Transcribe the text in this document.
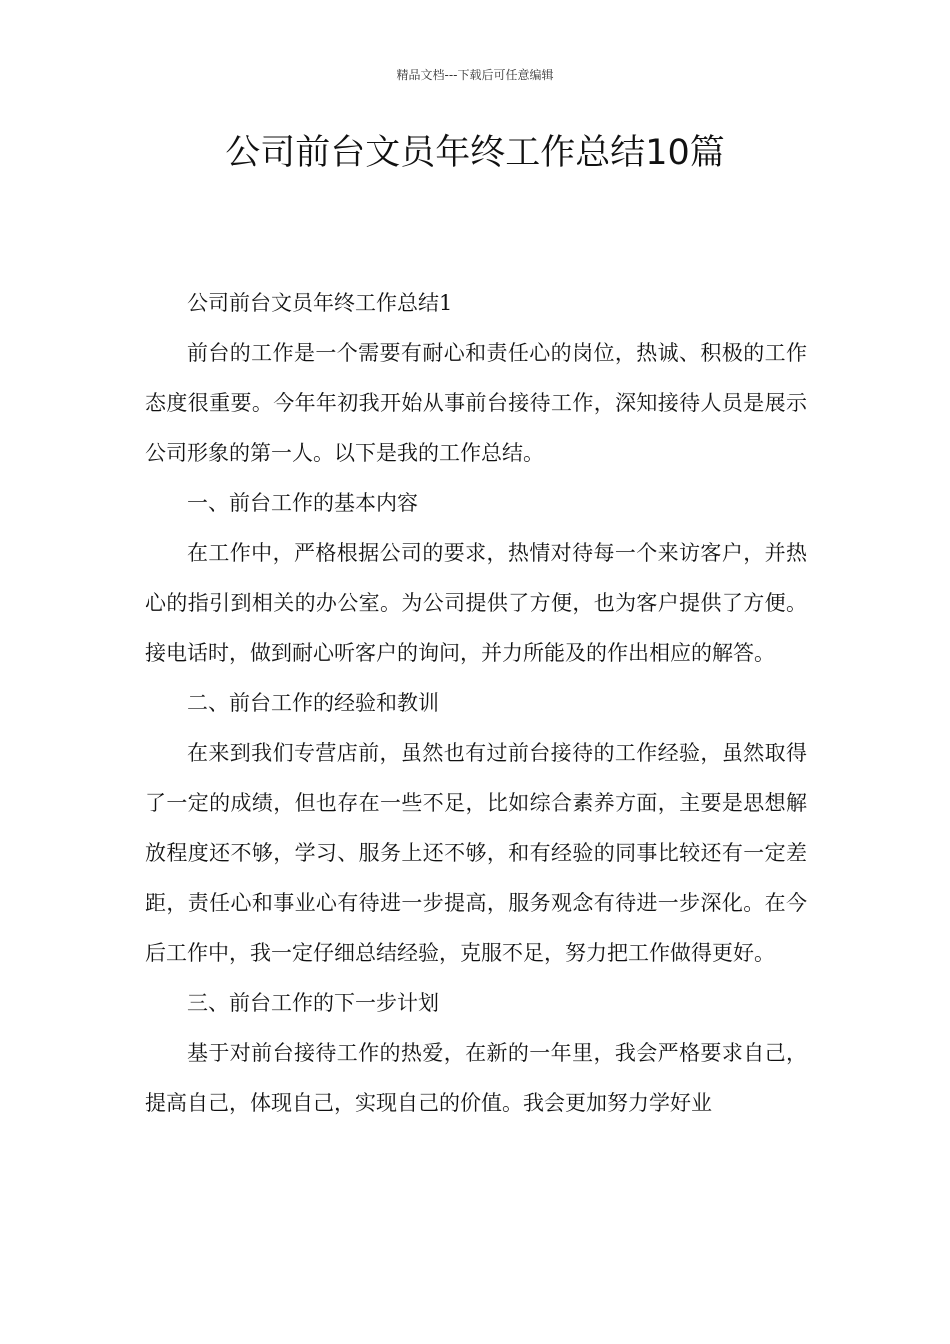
精品文档---下载后可任意编辑
公司前台文员年终工作总结10篇

公司前台文员年终工作总结1

前台的工作是一个需要有耐心和责任心的岗位，热诚、积极的工作态度很重要。今年年初我开始从事前台接待工作，深知接待人员是展示公司形象的第一人。以下是我的工作总结。

一、前台工作的基本内容

在工作中，严格根据公司的要求，热情对待每一个来访客户，并热心的指引到相关的办公室。为公司提供了方便，也为客户提供了方便。接电话时，做到耐心听客户的询问，并力所能及的作出相应的解答。

二、前台工作的经验和教训

在来到我们专营店前，虽然也有过前台接待的工作经验，虽然取得了一定的成绩，但也存在一些不足，比如综合素养方面，主要是思想解放程度还不够，学习、服务上还不够，和有经验的同事比较还有一定差距，责任心和事业心有待进一步提高，服务观念有待进一步深化。在今后工作中，我一定仔细总结经验，克服不足，努力把工作做得更好。

三、前台工作的下一步计划

基于对前台接待工作的热爱，在新的一年里，我会严格要求自己，提高自己，体现自己，实现自己的价值。我会更加努力学好业
